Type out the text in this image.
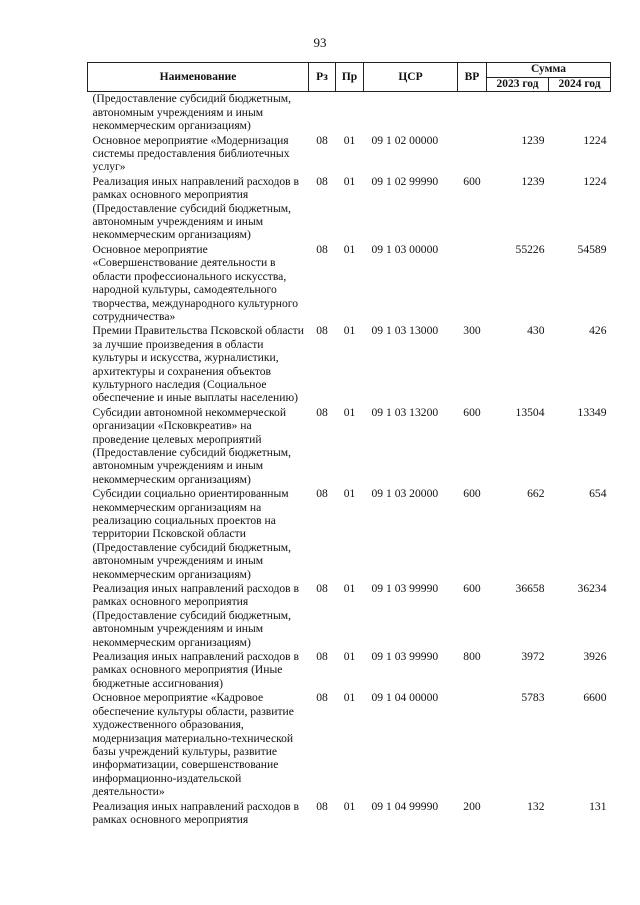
93
Наименование	Рз	Пр	ЦСР	ВР	Сумма	
					2023 год	2024 год
(Предоставление субсидий бюджетным, автономным учреждениям и иным некоммерческим организациям)						
Основное мероприятие «Модернизация системы предоставления библиотечных услуг»	08	01	09 1 02 00000		1239	1224
Реализация иных направлений расходов в рамках основного мероприятия (Предоставление субсидий бюджетным, автономным учреждениям и иным некоммерческим организациям)	08	01	09 1 02 99990	600	1239	1224
Основное мероприятие «Совершенствование деятельности в области профессионального искусства, народной культуры, самодеятельного творчества, международного культурного сотрудничества»	08	01	09 1 03 00000		55226	54589
Премии Правительства Псковской области за лучшие произведения в области культуры и искусства, журналистики, архитектуры и сохранения объектов культурного наследия (Социальное обеспечение и иные выплаты населению)	08	01	09 1 03 13000	300	430	426
Субсидии автономной некоммерческой организации «Псковкреатив» на проведение целевых мероприятий (Предоставление субсидий бюджетным, автономным учреждениям и иным некоммерческим организациям)	08	01	09 1 03 13200	600	13504	13349
Субсидии социально ориентированным некоммерческим организациям на реализацию социальных проектов на территории Псковской области (Предоставление субсидий бюджетным, автономным учреждениям и иным некоммерческим организациям)	08	01	09 1 03 20000	600	662	654
Реализация иных направлений расходов в рамках основного мероприятия (Предоставление субсидий бюджетным, автономным учреждениям и иным некоммерческим организациям)	08	01	09 1 03 99990	600	36658	36234
Реализация иных направлений расходов в рамках основного мероприятия (Иные бюджетные ассигнования)	08	01	09 1 03 99990	800	3972	3926
Основное мероприятие «Кадровое обеспечение культуры области, развитие художественного образования, модернизация материально-технической базы учреждений культуры, развитие информатизации, совершенствование информационно-издательской деятельности»	08	01	09 1 04 00000		5783	6600
Реализация иных направлений расходов в рамках основного мероприятия	08	01	09 1 04 99990	200	132	131
